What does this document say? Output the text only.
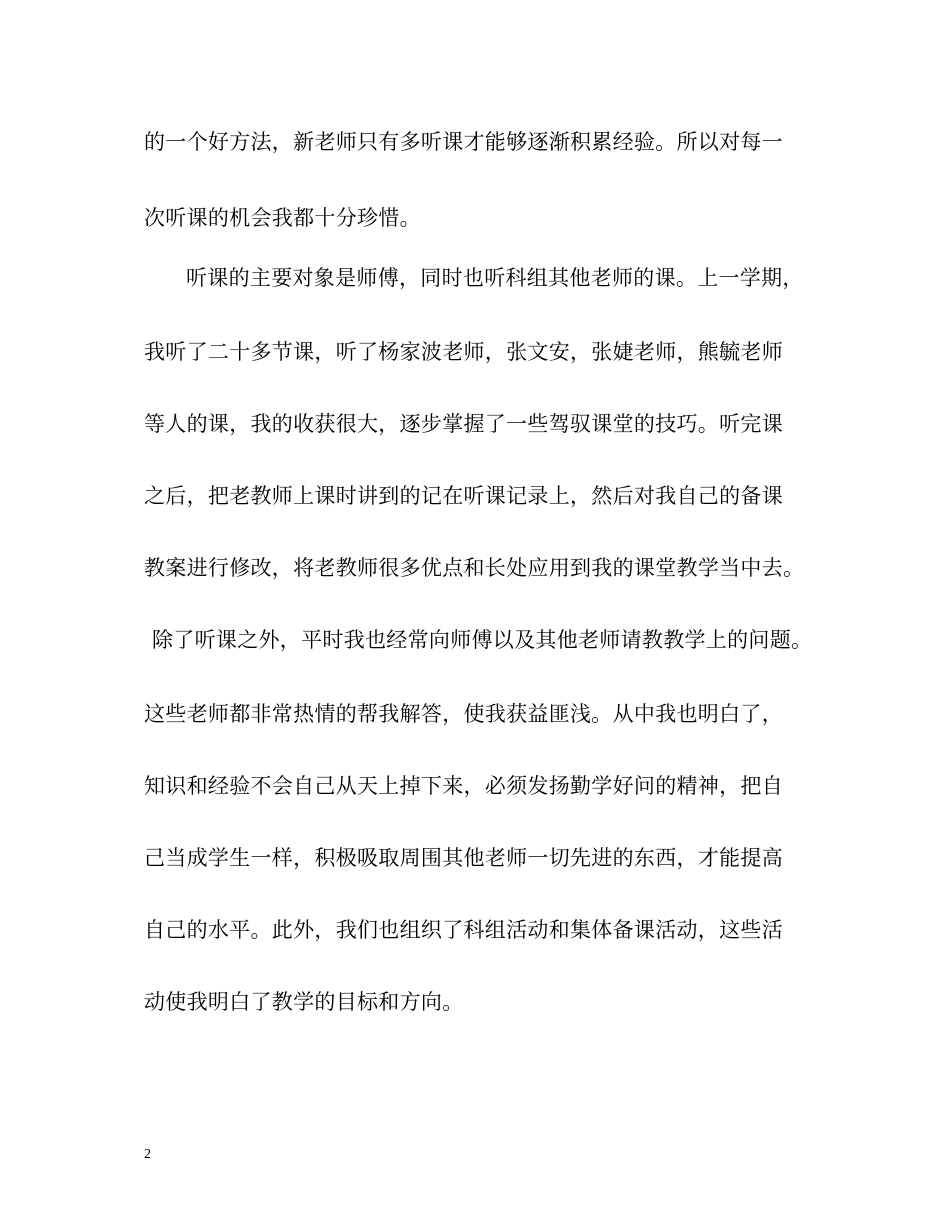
的一个好方法，新老师只有多听课才能够逐渐积累经验。所以对每一
次听课的机会我都十分珍惜。
听课的主要对象是师傅，同时也听科组其他老师的课。上一学期，
我听了二十多节课，听了杨家波老师，张文安，张婕老师，熊毓老师
等人的课，我的收获很大，逐步掌握了一些驾驭课堂的技巧。听完课
之后，把老教师上课时讲到的记在听课记录上，然后对我自己的备课
教案进行修改，将老教师很多优点和长处应用到我的课堂教学当中去。
除了听课之外，平时我也经常向师傅以及其他老师请教教学上的问题。
这些老师都非常热情的帮我解答，使我获益匪浅。从中我也明白了，
知识和经验不会自己从天上掉下来，必须发扬勤学好问的精神，把自
己当成学生一样，积极吸取周围其他老师一切先进的东西，才能提高
自己的水平。此外，我们也组织了科组活动和集体备课活动，这些活
动使我明白了教学的目标和方向。
2
